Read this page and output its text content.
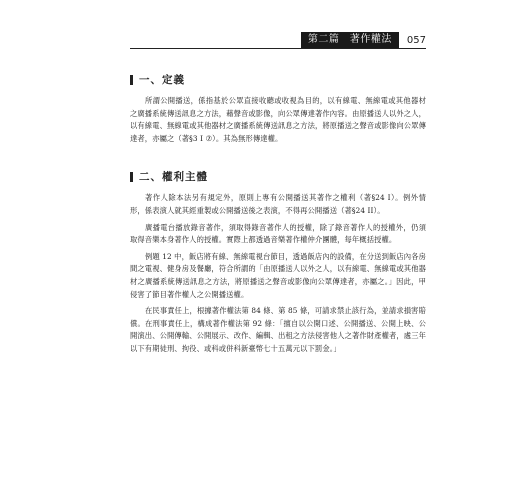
第二篇　著作權法	057
一、定義

所謂公開播送，係指基於公眾直接收聽或收視為目的，以有線電、無線電或其他器材之廣播系統傳送訊息之方法，藉聲音或影像，向公眾傳達著作內容。由原播送人以外之人，以有線電、無線電或其他器材之廣播系統傳送訊息之方法，將原播送之聲音或影像向公眾傳達者，亦屬之（著§3 I ⑦）。其為無形傳達權。

二、權利主體

著作人除本法另有規定外，原則上專有公開播送其著作之權利（著§24 I）。例外情形，係表演人就其經重製或公開播送後之表演，不得再公開播送（著§24 II）。

廣播電台播放錄音著作，須取得錄音著作人的授權，除了錄音著作人的授權外，仍須取得音樂本身著作人的授權。實際上都透過音樂著作權仲介團體，每年概括授權。

例題 12 中，飯店將有線、無線電視台節目，透過飯店內的設備，在分送到飯店內各房間之電視、健身房及餐廳，符合所謂的「由原播送人以外之人，以有線電、無線電或其他器材之廣播系統傳送訊息之方法，將原播送之聲音或影像向公眾傳達者，亦屬之。」因此，甲侵害了節目著作權人之公開播送權。

在民事責任上，根據著作權法第 84 條、第 85 條，可請求禁止該行為，並請求損害賠償。在刑事責任上，構成著作權法第 92 條：「擅自以公開口述、公開播送、公開上映、公開演出、公開傳輸、公開展示、改作、編輯、出租之方法侵害他人之著作財產權者，處三年以下有期徒刑、拘役、或科或併科新臺幣七十五萬元以下罰金。」
